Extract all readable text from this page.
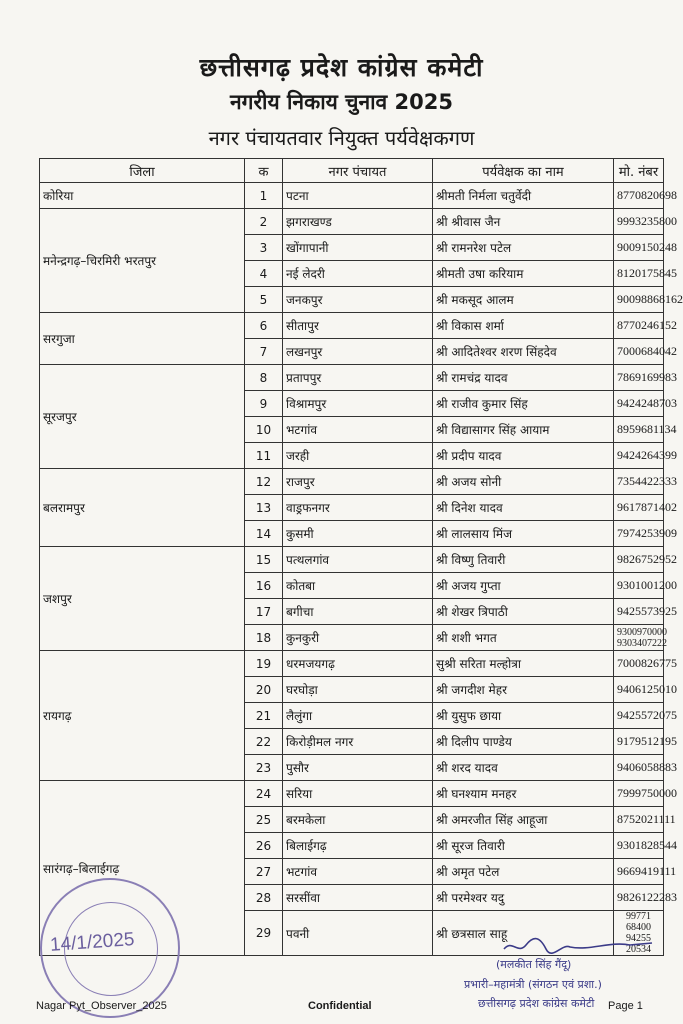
छत्तीसगढ़ प्रदेश कांग्रेस कमेटी
नगरीय निकाय चुनाव 2025
नगर पंचायतवार नियुक्त पर्यवेक्षकगण
जिला	क	नगर पंचायत	पर्यवेक्षक का नाम	मो. नंबर
कोरिया	1	पटना	श्रीमती निर्मला चतुर्वेदी	8770820698
मनेन्द्रगढ़–चिरमिरी भरतपुर	2	झगराखण्ड	श्री श्रीवास जैन	9993235800
	3	खोंगापानी	श्री रामनरेश पटेल	9009150248
	4	नई लेदरी	श्रीमती उषा करियाम	8120175845
	5	जनकपुर	श्री मकसूद आलम	90098868162
सरगुजा	6	सीतापुर	श्री विकास शर्मा	8770246152
	7	लखनपुर	श्री आदितेश्वर शरण सिंहदेव	7000684042
सूरजपुर	8	प्रतापपुर	श्री रामचंद्र यादव	7869169983
	9	विश्रामपुर	श्री राजीव कुमार सिंह	9424248703
	10	भटगांव	श्री विद्यासागर सिंह आयाम	8959681134
	11	जरही	श्री प्रदीप यादव	9424264399
बलरामपुर	12	राजपुर	श्री अजय सोनी	7354422333
	13	वाड्रफनगर	श्री दिनेश यादव	9617871402
	14	कुसमी	श्री लालसाय मिंज	7974253909
जशपुर	15	पत्थलगांव	श्री विष्णु तिवारी	9826752952
	16	कोतबा	श्री अजय गुप्ता	9301001200
	17	बगीचा	श्री शेखर त्रिपाठी	9425573925
	18	कुनकुरी	श्री शशी भगत	9300970000 9303407222
रायगढ़	19	धरमजयगढ़	सुश्री सरिता मल्होत्रा	7000826775
	20	घरघोड़ा	श्री जगदीश मेहर	9406125010
	21	लैलुंगा	श्री युसुफ छाया	9425572075
	22	किरोड़ीमल नगर	श्री दिलीप पाण्डेय	9179512195
	23	पुसौर	श्री शरद यादव	9406058883
सारंगढ़–बिलाईगढ़	24	सरिया	श्री घनश्याम मनहर	7999750000
	25	बरमकेला	श्री अमरजीत सिंह आहूजा	8752021111
	26	बिलाईगढ़	श्री सूरज तिवारी	9301828544
	27	भटगांव	श्री अमृत पटेल	9669419111
	28	सरसींवा	श्री परमेश्वर यदु	9826122283
	29	पवनी	श्री छत्रसाल साहू	99771 68400 94255 20534
14/1/2025
(मलकीत सिंह गैंदू)
प्रभारी–महामंत्री (संगठन एवं प्रशा.)
छत्तीसगढ़ प्रदेश कांग्रेस कमेटी
Nagar Pyt_Observer_2025	Confidential	Page 1
